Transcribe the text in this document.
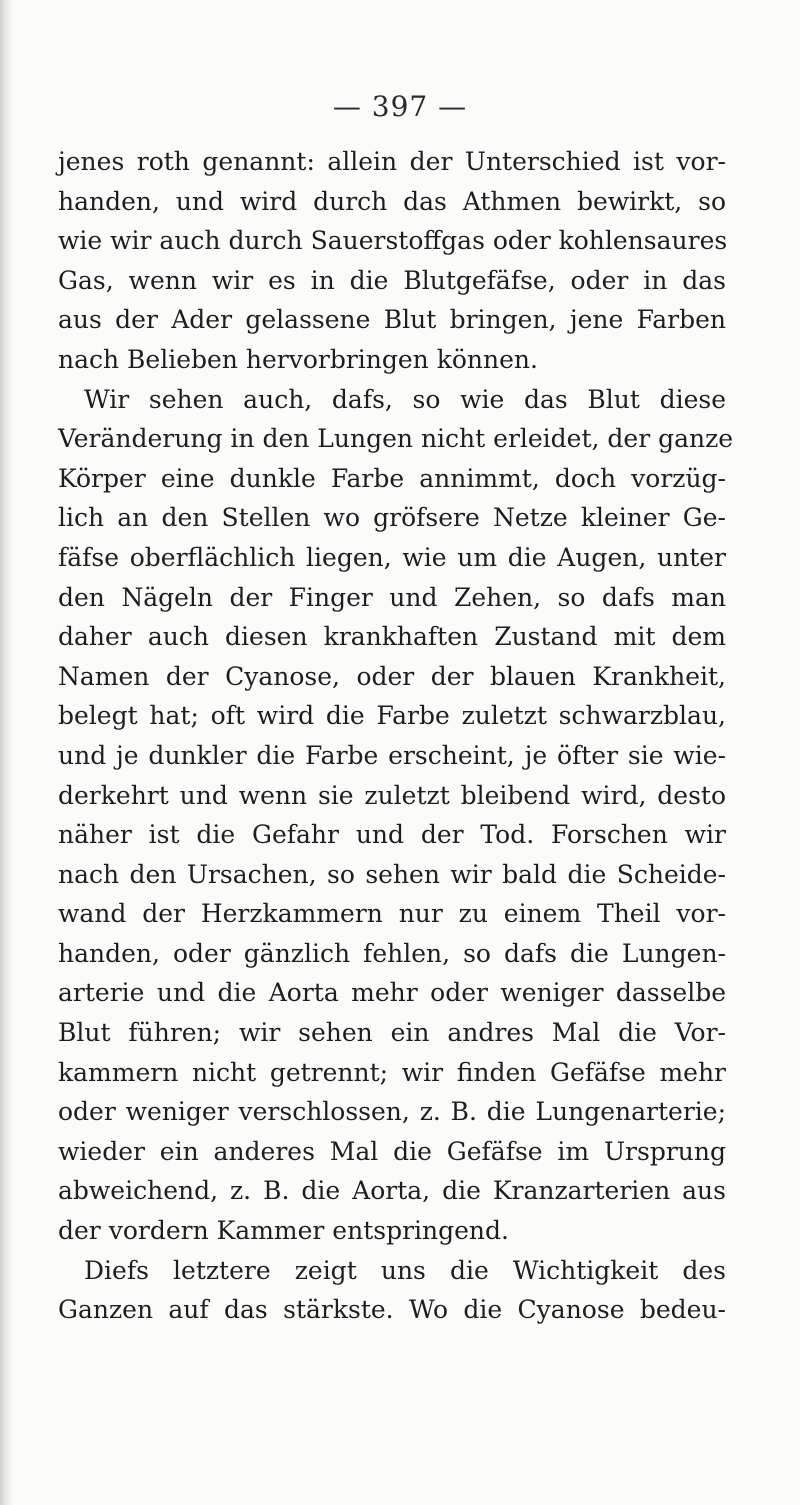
— 397 —
jenes roth genannt: allein der Unterschied ist vor-
handen, und wird durch das Athmen bewirkt, so
wie wir auch durch Sauerstoffgas oder kohlensaures
Gas, wenn wir es in die Blutgefäfse, oder in das
aus der Ader gelassene Blut bringen, jene Farben
nach Belieben hervorbringen können.
Wir sehen auch, dafs, so wie das Blut diese
Veränderung in den Lungen nicht erleidet, der ganze
Körper eine dunkle Farbe annimmt, doch vorzüg-
lich an den Stellen wo gröfsere Netze kleiner Ge-
fäfse oberflächlich liegen, wie um die Augen, unter
den Nägeln der Finger und Zehen, so dafs man
daher auch diesen krankhaften Zustand mit dem
Namen der Cyanose, oder der blauen Krankheit,
belegt hat; oft wird die Farbe zuletzt schwarzblau,
und je dunkler die Farbe erscheint, je öfter sie wie-
derkehrt und wenn sie zuletzt bleibend wird, desto
näher ist die Gefahr und der Tod. Forschen wir
nach den Ursachen, so sehen wir bald die Scheide-
wand der Herzkammern nur zu einem Theil vor-
handen, oder gänzlich fehlen, so dafs die Lungen-
arterie und die Aorta mehr oder weniger dasselbe
Blut führen; wir sehen ein andres Mal die Vor-
kammern nicht getrennt; wir finden Gefäfse mehr
oder weniger verschlossen, z. B. die Lungenarterie;
wieder ein anderes Mal die Gefäfse im Ursprung
abweichend, z. B. die Aorta, die Kranzarterien aus
der vordern Kammer entspringend.
Diefs letztere zeigt uns die Wichtigkeit des
Ganzen auf das stärkste. Wo die Cyanose bedeu-
